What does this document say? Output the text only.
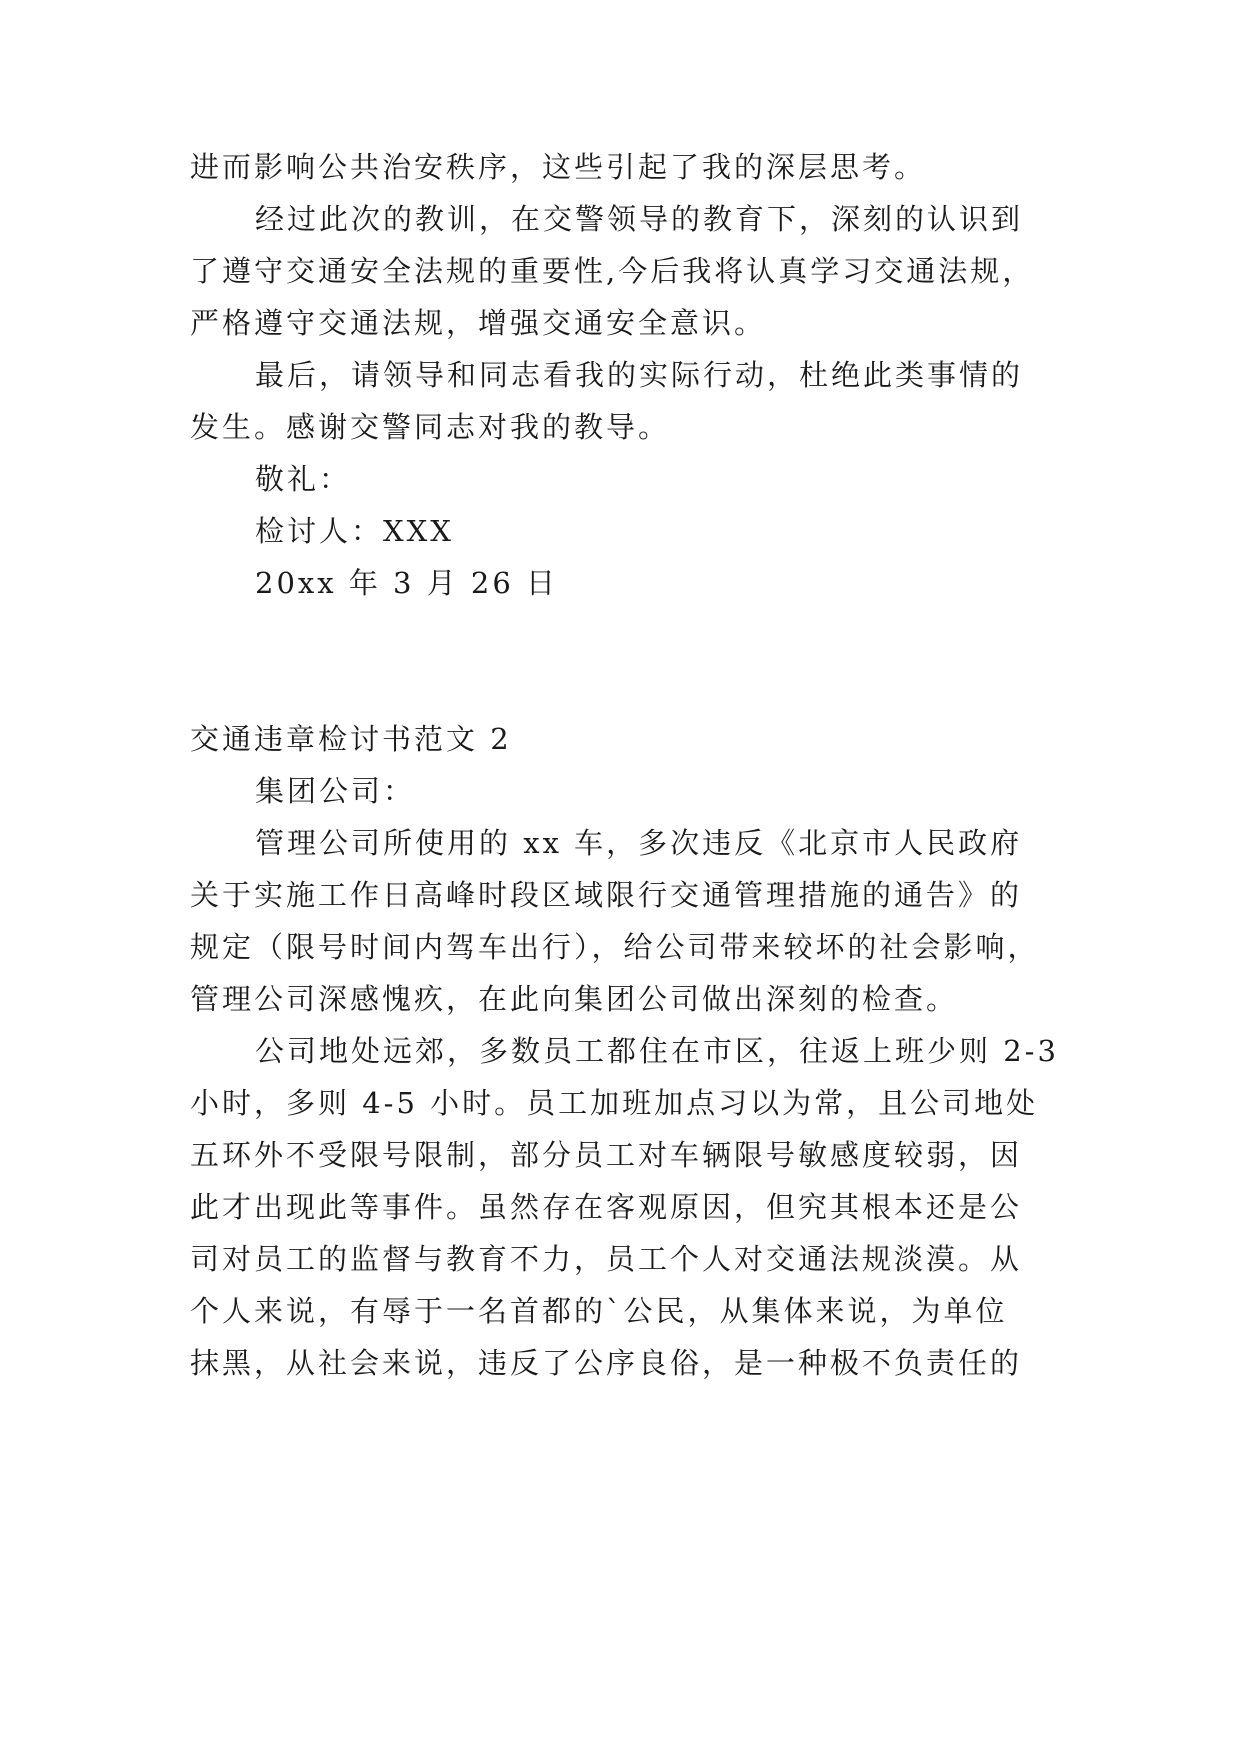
进而影响公共治安秩序，这些引起了我的深层思考。
经过此次的教训，在交警领导的教育下，深刻的认识到
了遵守交通安全法规的重要性,今后我将认真学习交通法规，
严格遵守交通法规，增强交通安全意识。
最后，请领导和同志看我的实际行动，杜绝此类事情的
发生。感谢交警同志对我的教导。
敬礼：
检讨人：XXX
20xx 年 3 月 26 日
交通违章检讨书范文 2
集团公司：
管理公司所使用的 xx 车，多次违反《北京市人民政府
关于实施工作日高峰时段区域限行交通管理措施的通告》的
规定（限号时间内驾车出行），给公司带来较坏的社会影响，
管理公司深感愧疚，在此向集团公司做出深刻的检查。
公司地处远郊，多数员工都住在市区，往返上班少则 2-3
小时，多则 4-5 小时。员工加班加点习以为常，且公司地处
五环外不受限号限制，部分员工对车辆限号敏感度较弱，因
此才出现此等事件。虽然存在客观原因，但究其根本还是公
司对员工的监督与教育不力，员工个人对交通法规淡漠。从
个人来说，有辱于一名首都的`公民，从集体来说，为单位
抹黑，从社会来说，违反了公序良俗，是一种极不负责任的
